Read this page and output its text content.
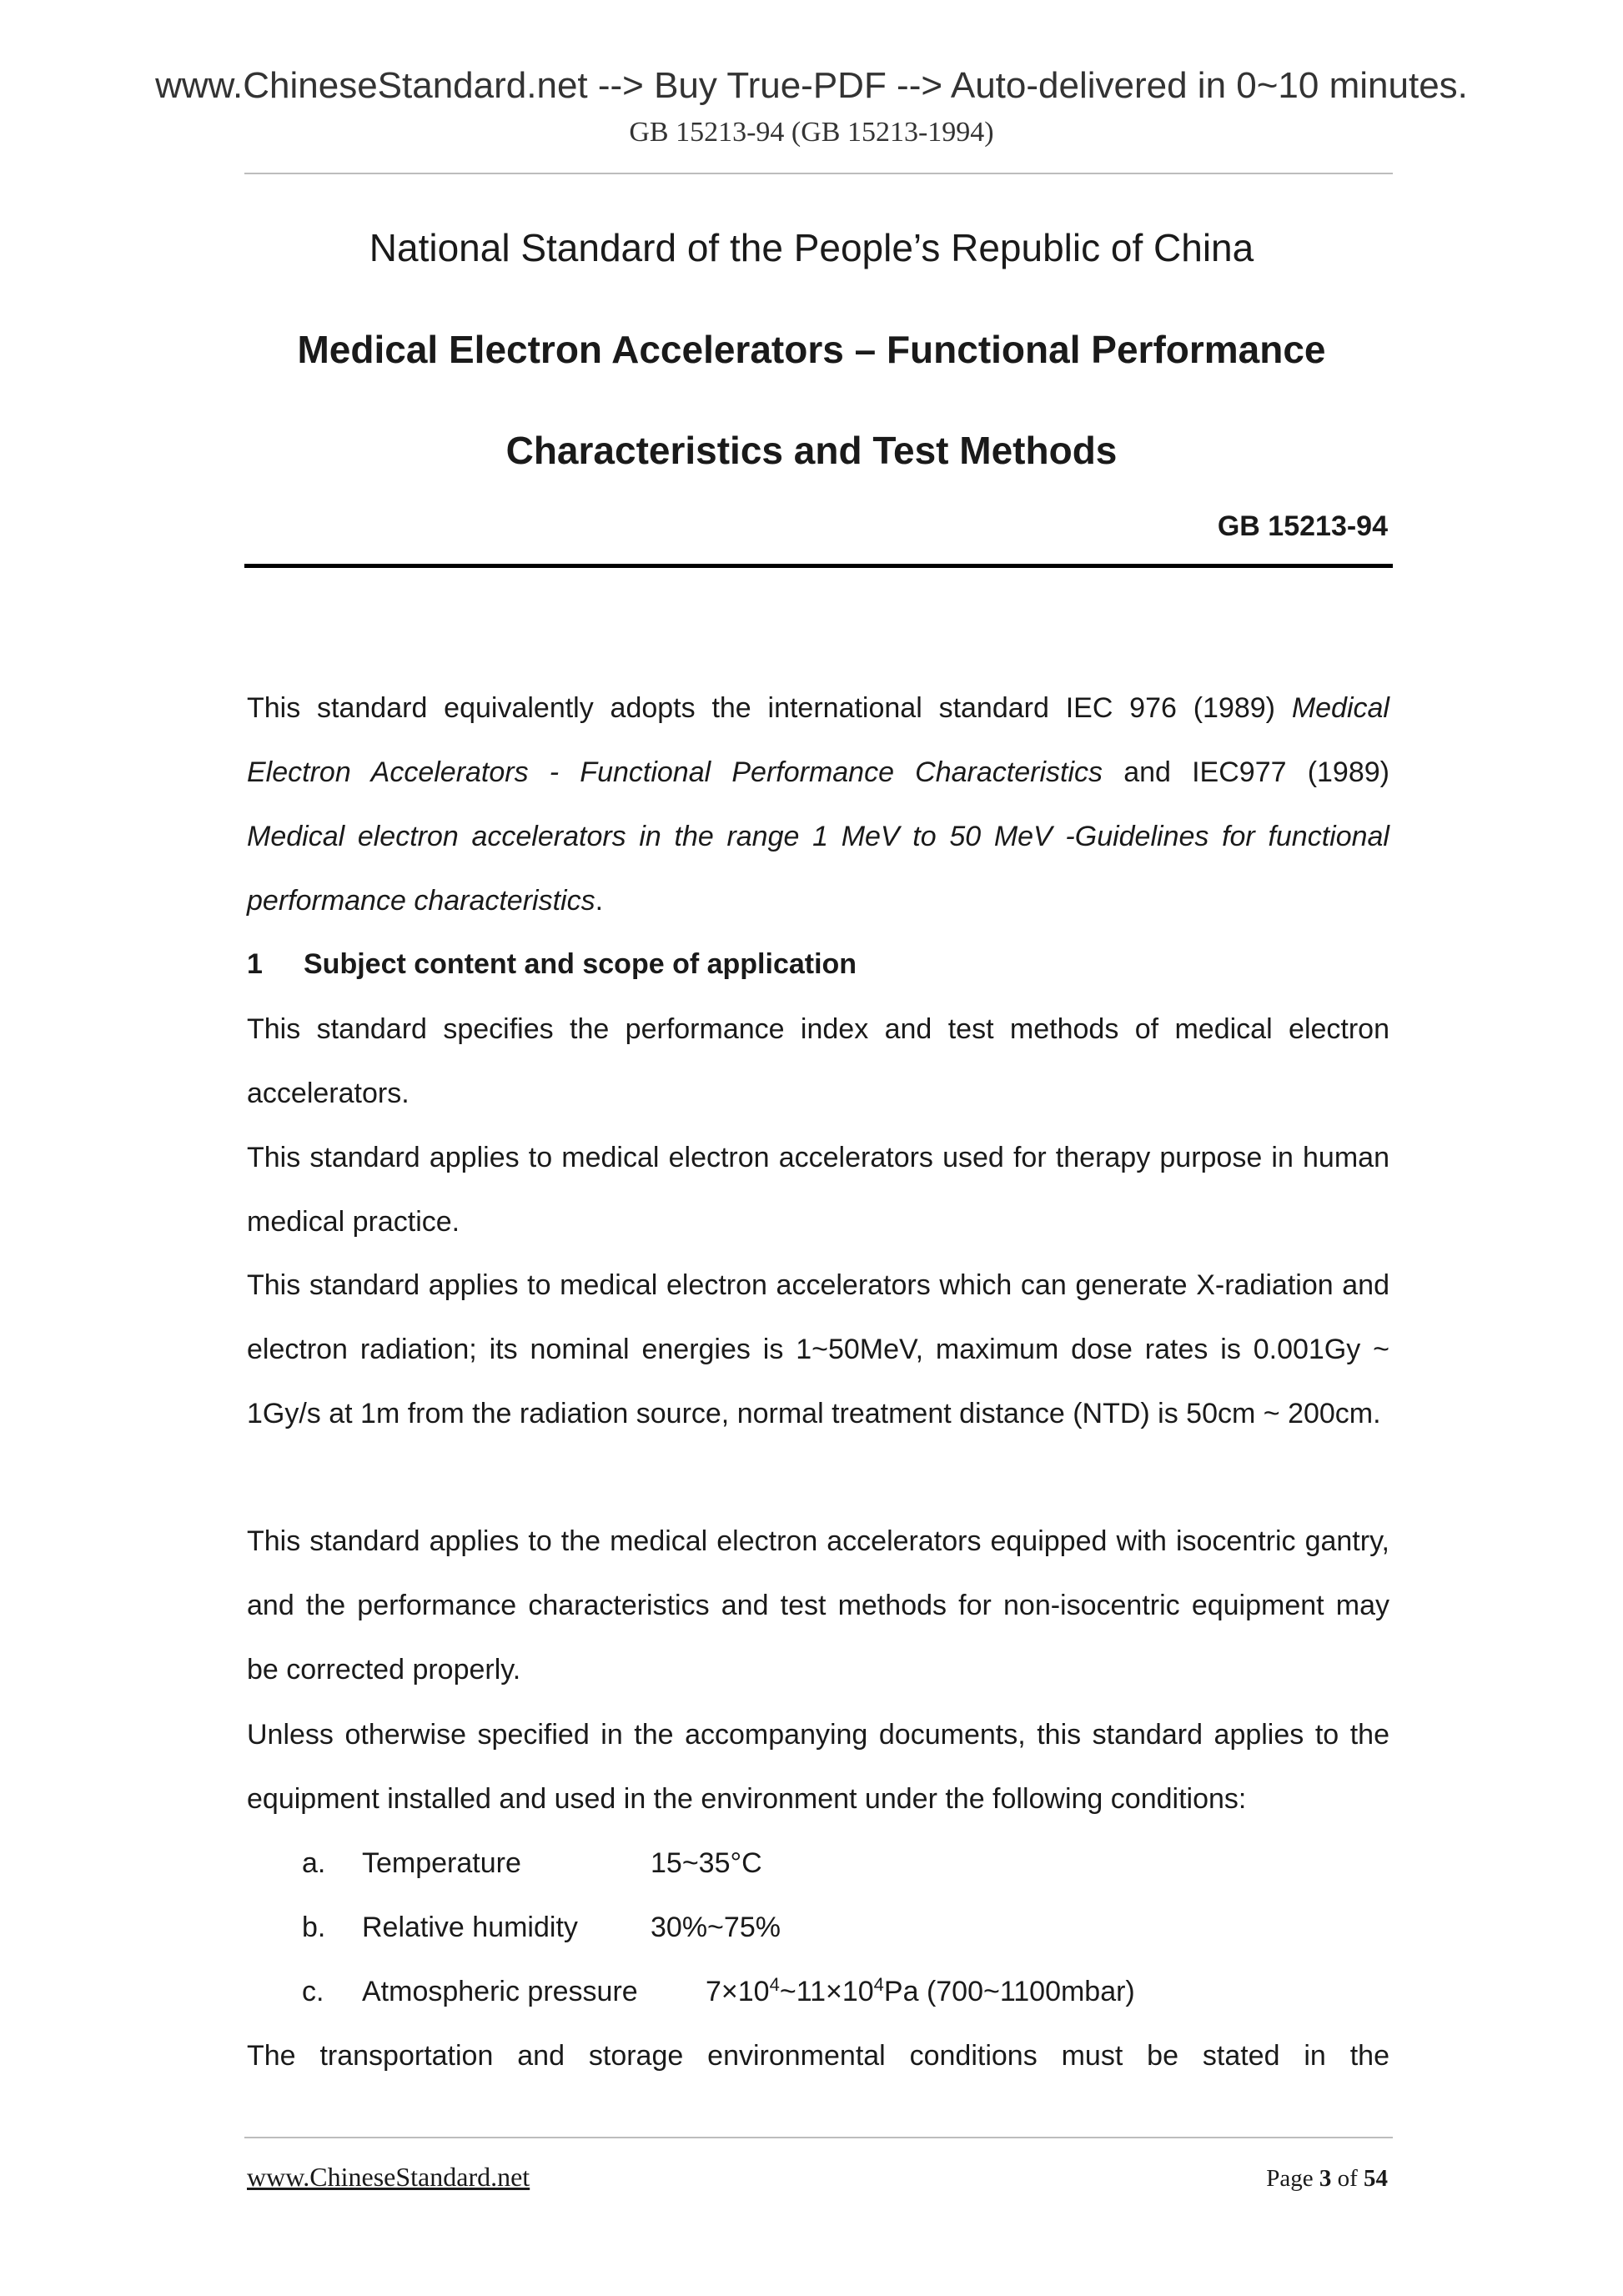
www.ChineseStandard.net --> Buy True-PDF --> Auto-delivered in 0~10 minutes.
GB 15213-94 (GB 15213-1994)
National Standard of the People’s Republic of China
Medical Electron Accelerators – Functional Performance
Characteristics and Test Methods
GB 15213-94
This standard equivalently adopts the international standard IEC 976 (1989) Medical Electron Accelerators - Functional Performance Characteristics and IEC977 (1989) Medical electron accelerators in the range 1 MeV to 50 MeV -Guidelines for functional performance characteristics.
1 Subject content and scope of application
This standard specifies the performance index and test methods of medical electron accelerators.
This standard applies to medical electron accelerators used for therapy purpose in human medical practice.
This standard applies to medical electron accelerators which can generate X-radiation and electron radiation; its nominal energies is 1~50MeV, maximum dose rates is 0.001Gy ~ 1Gy/s at 1m from the radiation source, normal treatment distance (NTD) is 50cm ~ 200cm.
This standard applies to the medical electron accelerators equipped with isocentric gantry, and the performance characteristics and test methods for non-isocentric equipment may be corrected properly.
Unless otherwise specified in the accompanying documents, this standard applies to the equipment installed and used in the environment under the following conditions:
a. Temperature	15~35°C
b. Relative humidity	30%~75%
c. Atmospheric pressure $7\times 10^4\sim 11\times 10^4Pa$ (700~1100mbar)
The transportation and storage environmental conditions must be stated in the
www.ChineseStandard.net	Page 3 of 54
